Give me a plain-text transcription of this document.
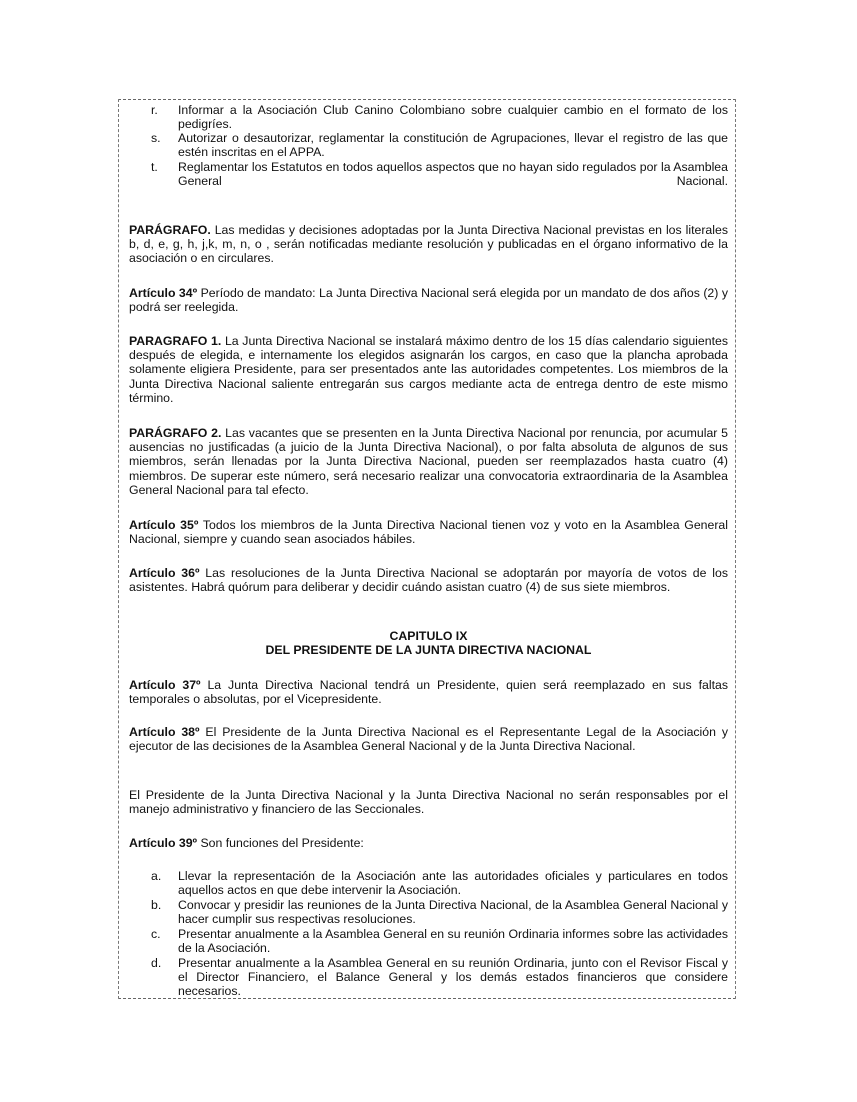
r.	Informar a la Asociación Club Canino Colombiano sobre cualquier cambio en el formato de los pedigríes.
s.	Autorizar o desautorizar, reglamentar la constitución de Agrupaciones, llevar el registro de las que estén inscritas en el APPA.
t.	Reglamentar los Estatutos en todos aquellos aspectos que no hayan sido regulados por la Asamblea General Nacional.
PARÁGRAFO. Las medidas y decisiones adoptadas por la Junta Directiva Nacional previstas en los literales b, d, e, g, h, j,k, m, n, o , serán notificadas mediante resolución y publicadas en el órgano informativo de la asociación o en circulares.
Artículo 34º Período de mandato: La Junta Directiva Nacional será elegida por un mandato de dos años (2) y podrá ser reelegida.
PARAGRAFO 1. La Junta Directiva Nacional se instalará máximo dentro de los 15 días calendario siguientes después de elegida, e internamente los elegidos asignarán los cargos, en caso que la plancha aprobada solamente eligiera Presidente, para ser presentados ante las autoridades competentes. Los miembros de la Junta Directiva Nacional saliente entregarán sus cargos mediante acta de entrega dentro de este mismo término.
PARÁGRAFO 2. Las vacantes que se presenten en la Junta Directiva Nacional por renuncia, por acumular 5 ausencias no justificadas (a juicio de la Junta Directiva Nacional), o por falta absoluta de algunos de sus miembros, serán llenadas por la Junta Directiva Nacional, pueden ser reemplazados hasta cuatro (4) miembros. De superar este número, será necesario realizar una convocatoria extraordinaria de la Asamblea General Nacional para tal efecto.
Artículo 35º Todos los miembros de la Junta Directiva Nacional tienen voz y voto en la Asamblea General Nacional, siempre y cuando sean asociados hábiles.
Artículo 36º Las resoluciones de la Junta Directiva Nacional se adoptarán por mayoría de votos de los asistentes. Habrá quórum para deliberar y decidir cuándo asistan cuatro (4) de sus siete miembros.
CAPITULO IX
DEL PRESIDENTE DE LA JUNTA DIRECTIVA NACIONAL
Artículo 37º La Junta Directiva Nacional tendrá un Presidente, quien será reemplazado en sus faltas temporales o absolutas, por el Vicepresidente.
Artículo 38º El Presidente de la Junta Directiva Nacional es el Representante Legal de la Asociación y ejecutor de las decisiones de la Asamblea General Nacional y de la Junta Directiva Nacional.
El Presidente de la Junta Directiva Nacional y la Junta Directiva Nacional no serán responsables por el manejo administrativo y financiero de las Seccionales.
Artículo 39º Son funciones del Presidente:
a.	Llevar la representación de la Asociación ante las autoridades oficiales y particulares en todos aquellos actos en que debe intervenir la Asociación.
b.	Convocar y presidir las reuniones de la Junta Directiva Nacional, de la Asamblea General Nacional y hacer cumplir sus respectivas resoluciones.
c.	Presentar anualmente a la Asamblea General en su reunión Ordinaria informes sobre las actividades de la Asociación.
d.	Presentar anualmente a la Asamblea General en su reunión Ordinaria, junto con el Revisor Fiscal y el Director Financiero, el Balance General y los demás estados financieros que considere necesarios.
